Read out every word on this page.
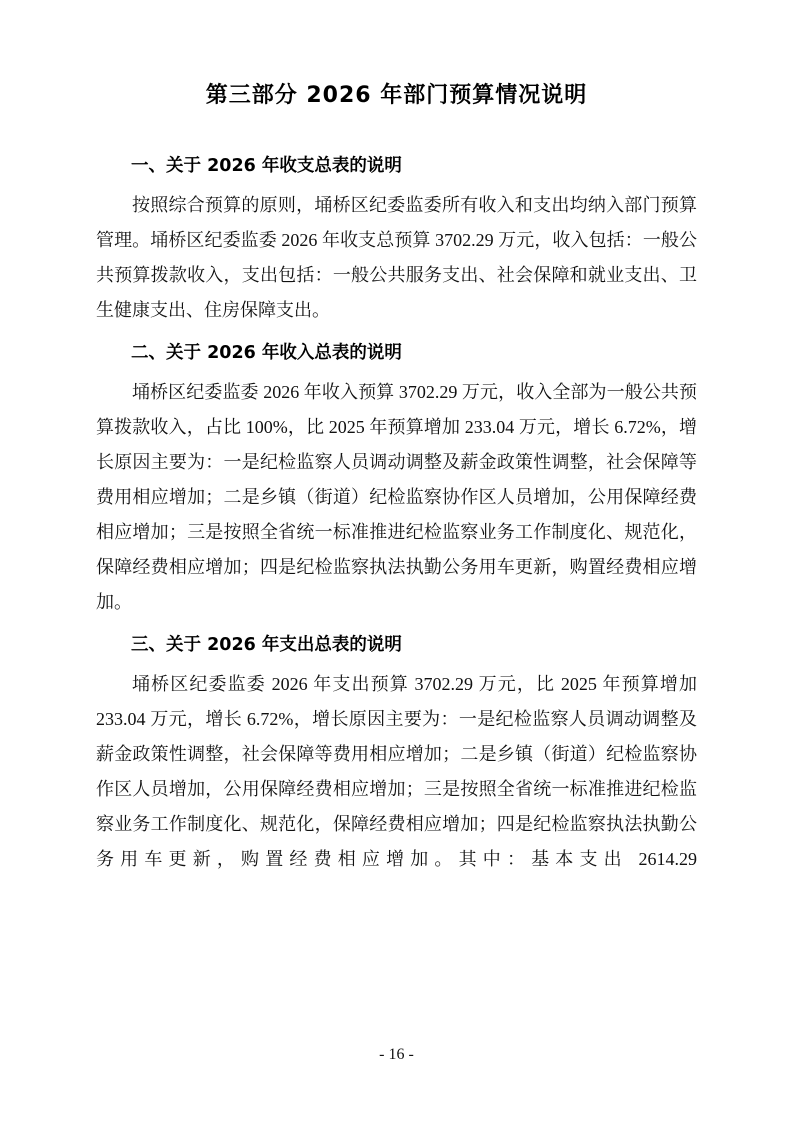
第三部分 2026 年部门预算情况说明
一、关于 2026 年收支总表的说明

按照综合预算的原则，埇桥区纪委监委所有收入和支出均纳入部门预算管理。埇桥区纪委监委 2026 年收支总预算 3702.29 万元，收入包括：一般公共预算拨款收入，支出包括：一般公共服务支出、社会保障和就业支出、卫生健康支出、住房保障支出。

二、关于 2026 年收入总表的说明

埇桥区纪委监委 2026 年收入预算 3702.29 万元，收入全部为一般公共预算拨款收入，占比 100%，比 2025 年预算增加 233.04 万元，增长 6.72%，增长原因主要为：一是纪检监察人员调动调整及薪金政策性调整，社会保障等费用相应增加；二是乡镇（街道）纪检监察协作区人员增加，公用保障经费相应增加；三是按照全省统一标准推进纪检监察业务工作制度化、规范化，保障经费相应增加；四是纪检监察执法执勤公务用车更新，购置经费相应增加。

三、关于 2026 年支出总表的说明

埇桥区纪委监委 2026 年支出预算 3702.29 万元，比 2025 年预算增加 233.04 万元，增长 6.72%，增长原因主要为：一是纪检监察人员调动调整及薪金政策性调整，社会保障等费用相应增加；二是乡镇（街道）纪检监察协作区人员增加，公用保障经费相应增加；三是按照全省统一标准推进纪检监察业务工作制度化、规范化，保障经费相应增加；四是纪检监察执法执勤公务用车更新，购置经费相应增加。其中：基本支出 2614.29

- 16 -
